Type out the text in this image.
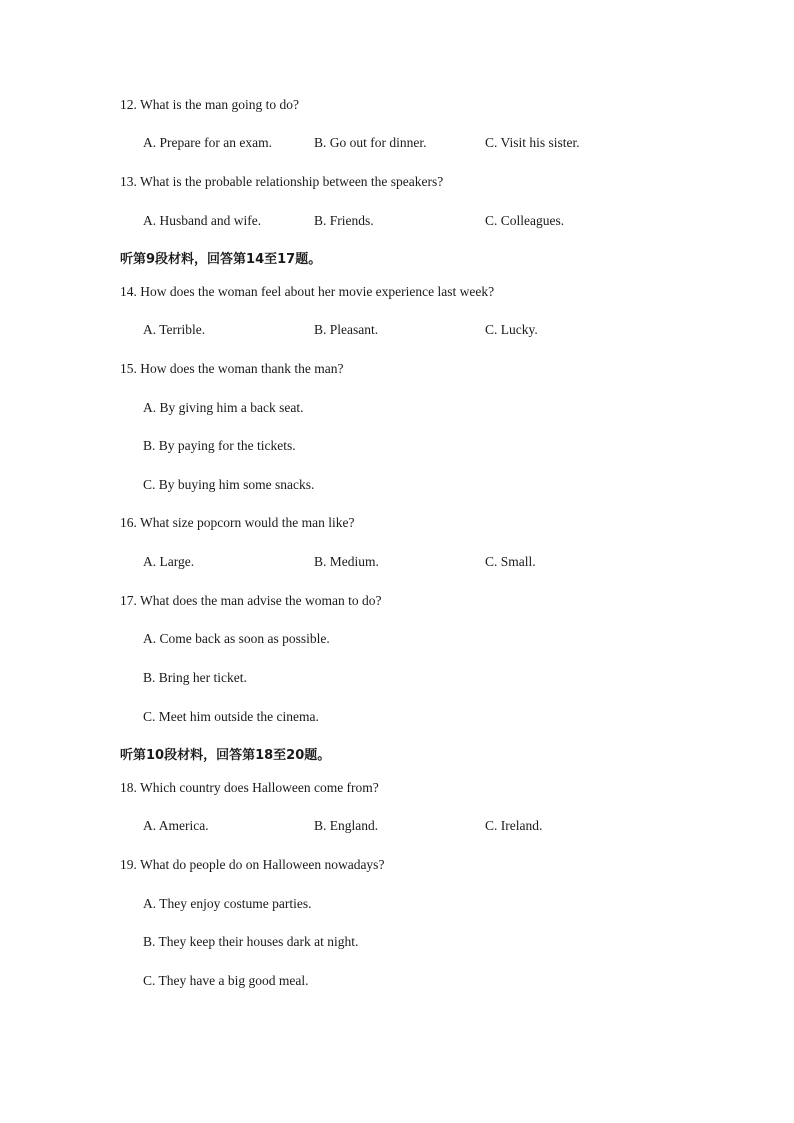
12. What is the man going to do?
A. Prepare for an exam.	B. Go out for dinner.	C. Visit his sister.
13. What is the probable relationship between the speakers?
A. Husband and wife.	B. Friends.	C. Colleagues.
听第9段材料，回答第14至17题。
14. How does the woman feel about her movie experience last week?
A. Terrible.	B. Pleasant.	C. Lucky.
15. How does the woman thank the man?
A. By giving him a back seat.
B. By paying for the tickets.
C. By buying him some snacks.
16. What size popcorn would the man like?
A. Large.	B. Medium.	C. Small.
17. What does the man advise the woman to do?
A. Come back as soon as possible.
B. Bring her ticket.
C. Meet him outside the cinema.
听第10段材料，回答第18至20题。
18. Which country does Halloween come from?
A. America.	B. England.	C. Ireland.
19. What do people do on Halloween nowadays?
A. They enjoy costume parties.
B. They keep their houses dark at night.
C. They have a big good meal.
